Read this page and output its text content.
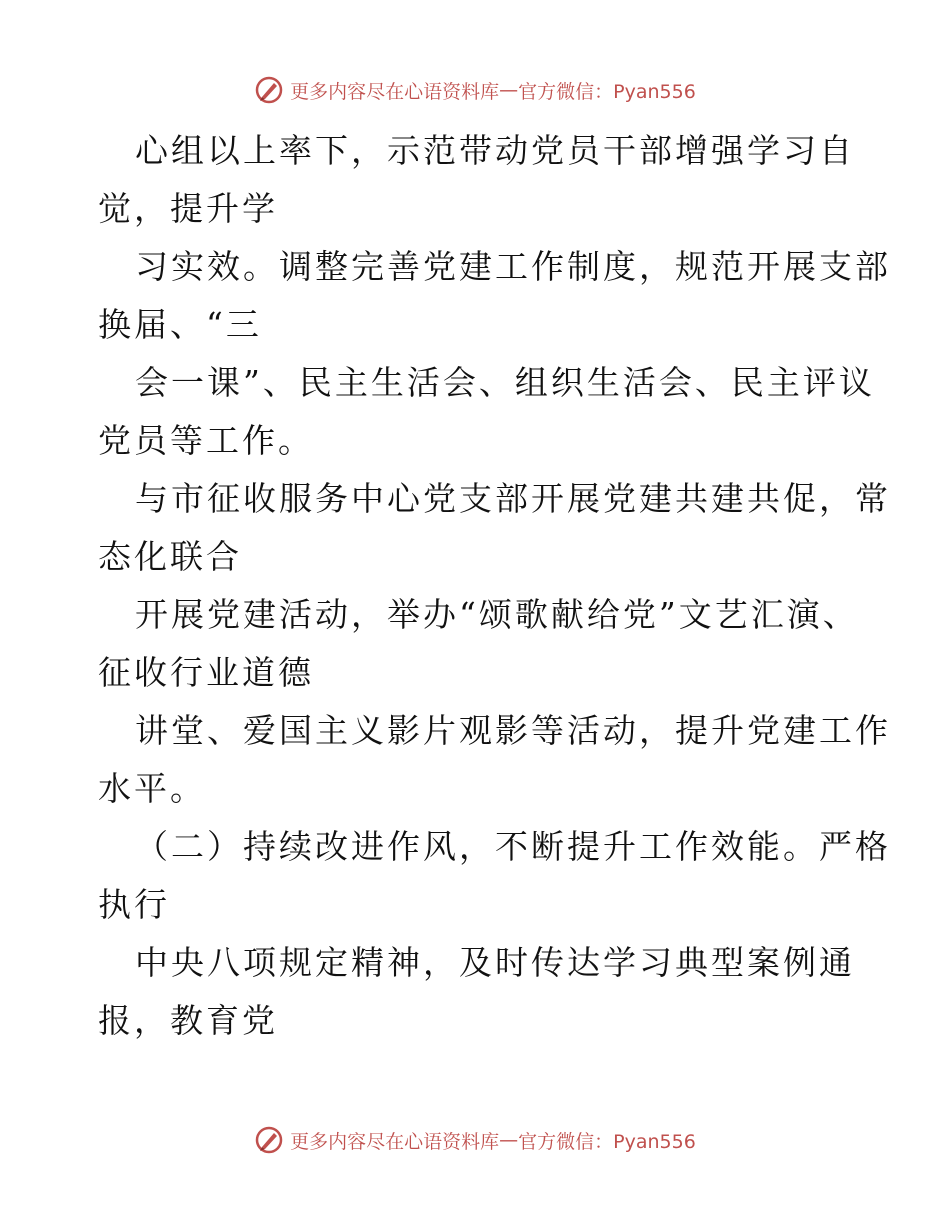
更多内容尽在心语资料库 — 官方微信：Pyan556
心组以上率下，示范带动党员干部增强学习自
觉，提升学
习实效。调整完善党建工作制度，规范开展支部
换届、“三
会一课”、民主生活会、组织生活会、民主评议
党员等工作。
与市征收服务中心党支部开展党建共建共促，常
态化联合
开展党建活动，举办“颂歌献给党”文艺汇演、
征收行业道德
讲堂、爱国主义影片观影等活动，提升党建工作
水平。
（二）持续改进作风，不断提升工作效能。严格
执行
中央八项规定精神，及时传达学习典型案例通
报，教育党
更多内容尽在心语资料库 — 官方微信：Pyan556
